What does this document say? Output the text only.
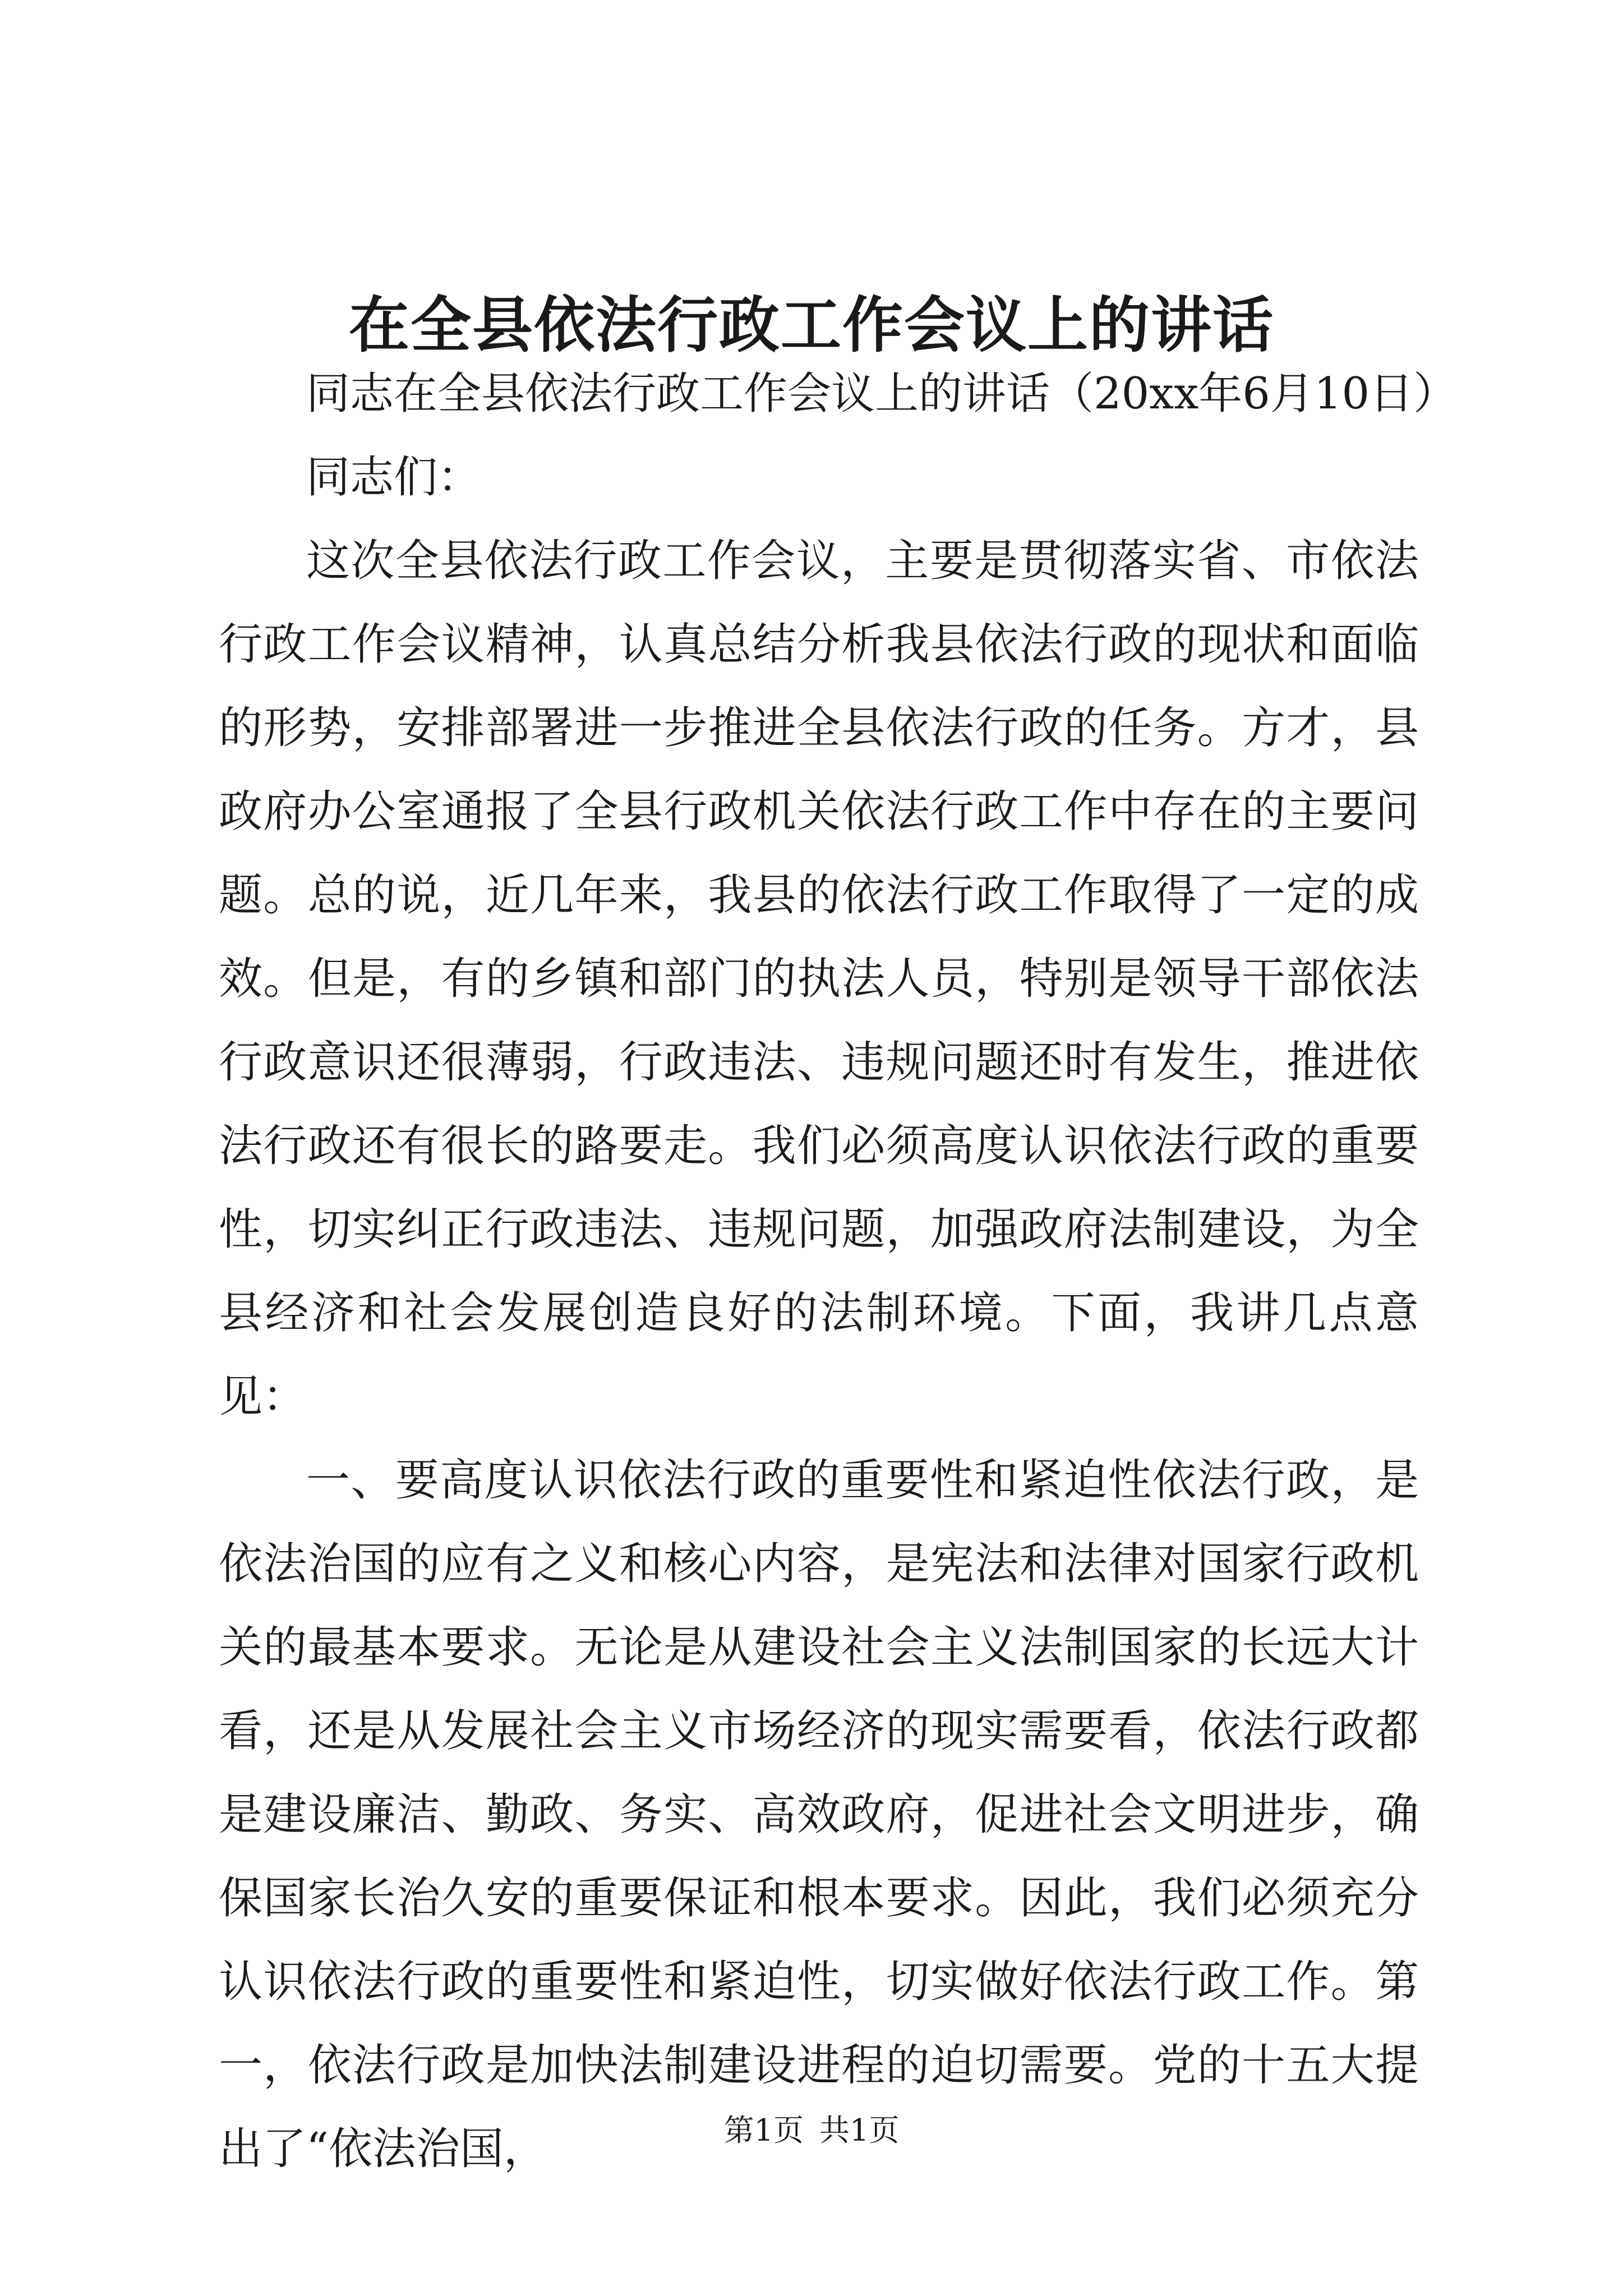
在全县依法行政工作会议上的讲话

同志在全县依法行政工作会议上的讲话（20xx年6月10日）

同志们：

这次全县依法行政工作会议，主要是贯彻落实省、市依法行政工作会议精神，认真总结分析我县依法行政的现状和面临的形势，安排部署进一步推进全县依法行政的任务。方才，县政府办公室通报了全县行政机关依法行政工作中存在的主要问题。总的说，近几年来，我县的依法行政工作取得了一定的成效。但是，有的乡镇和部门的执法人员，特别是领导干部依法行政意识还很薄弱，行政违法、违规问题还时有发生，推进依法行政还有很长的路要走。我们必须高度认识依法行政的重要性，切实纠正行政违法、违规问题，加强政府法制建设，为全县经济和社会发展创造良好的法制环境。下面，我讲几点意见：

一、要高度认识依法行政的重要性和紧迫性依法行政，是依法治国的应有之义和核心内容，是宪法和法律对国家行政机关的最基本要求。无论是从建设社会主义法制国家的长远大计看，还是从发展社会主义市场经济的现实需要看，依法行政都是建设廉洁、勤政、务实、高效政府，促进社会文明进步，确保国家长治久安的重要保证和根本要求。因此，我们必须充分认识依法行政的重要性和紧迫性，切实做好依法行政工作。第一，依法行政是加快法制建设进程的迫切需要。党的十五大提出了“依法治国，	第1页 共1页
